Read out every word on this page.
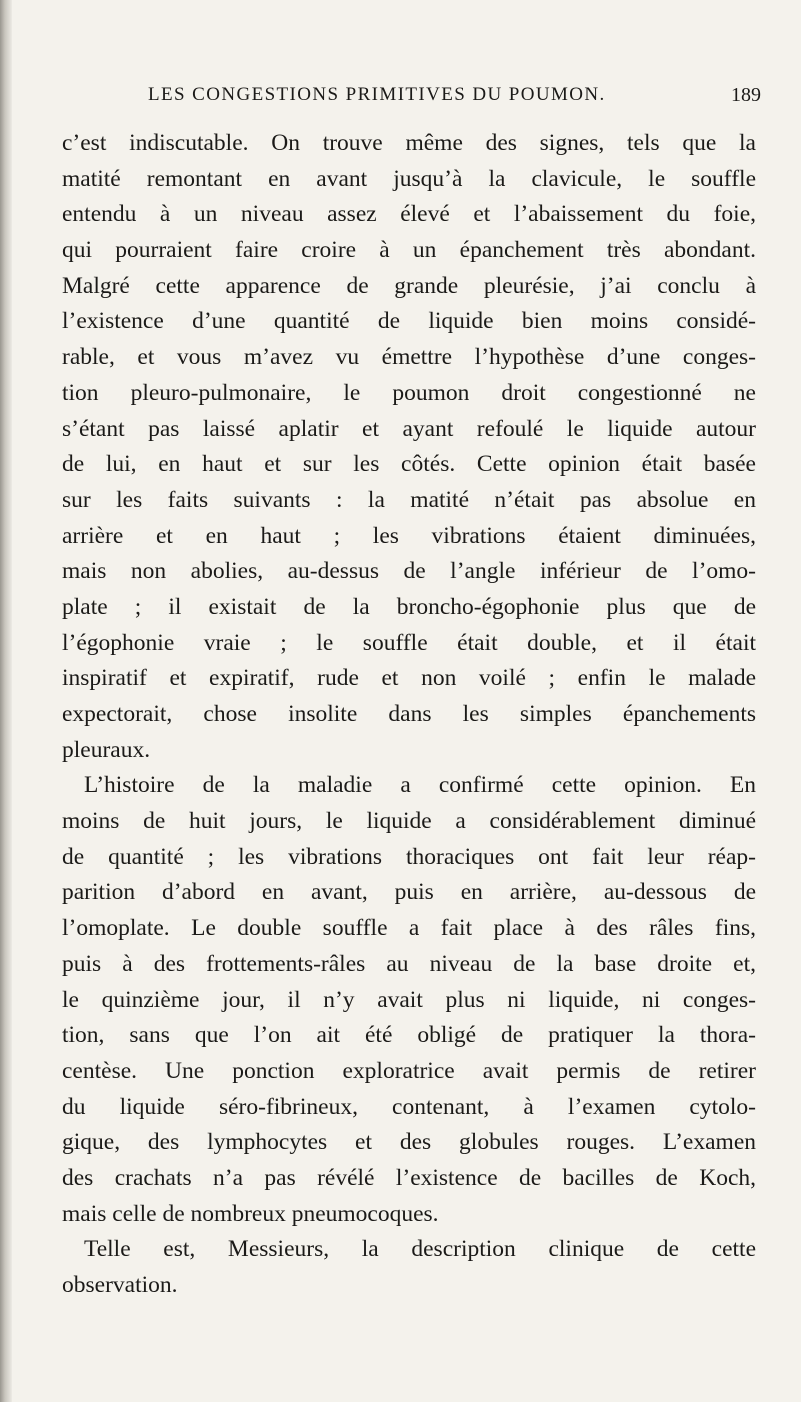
LES CONGESTIONS PRIMITIVES DU POUMON.	189
c’est indiscutable. On trouve même des signes, tels que la
matité remontant en avant jusqu’à la clavicule, le souffle
entendu à un niveau assez élevé et l’abaissement du foie,
qui pourraient faire croire à un épanchement très abondant.
Malgré cette apparence de grande pleurésie, j’ai conclu à
l’existence d’une quantité de liquide bien moins considé-
rable, et vous m’avez vu émettre l’hypothèse d’une conges-
tion pleuro-pulmonaire, le poumon droit congestionné ne
s’étant pas laissé aplatir et ayant refoulé le liquide autour
de lui, en haut et sur les côtés. Cette opinion était basée
sur les faits suivants : la matité n’était pas absolue en
arrière et en haut ; les vibrations étaient diminuées,
mais non abolies, au-dessus de l’angle inférieur de l’omo-
plate ; il existait de la broncho-égophonie plus que de
l’égophonie vraie ; le souffle était double, et il était
inspiratif et expiratif, rude et non voilé ; enfin le malade
expectorait, chose insolite dans les simples épanchements
pleuraux.
L’histoire de la maladie a confirmé cette opinion. En
moins de huit jours, le liquide a considérablement diminué
de quantité ; les vibrations thoraciques ont fait leur réap-
parition d’abord en avant, puis en arrière, au-dessous de
l’omoplate. Le double souffle a fait place à des râles fins,
puis à des frottements-râles au niveau de la base droite et,
le quinzième jour, il n’y avait plus ni liquide, ni conges-
tion, sans que l’on ait été obligé de pratiquer la thora-
centèse. Une ponction exploratrice avait permis de retirer
du liquide séro-fibrineux, contenant, à l’examen cytolo-
gique, des lymphocytes et des globules rouges. L’examen
des crachats n’a pas révélé l’existence de bacilles de Koch,
mais celle de nombreux pneumocoques.
Telle est, Messieurs, la description clinique de cette
observation.
